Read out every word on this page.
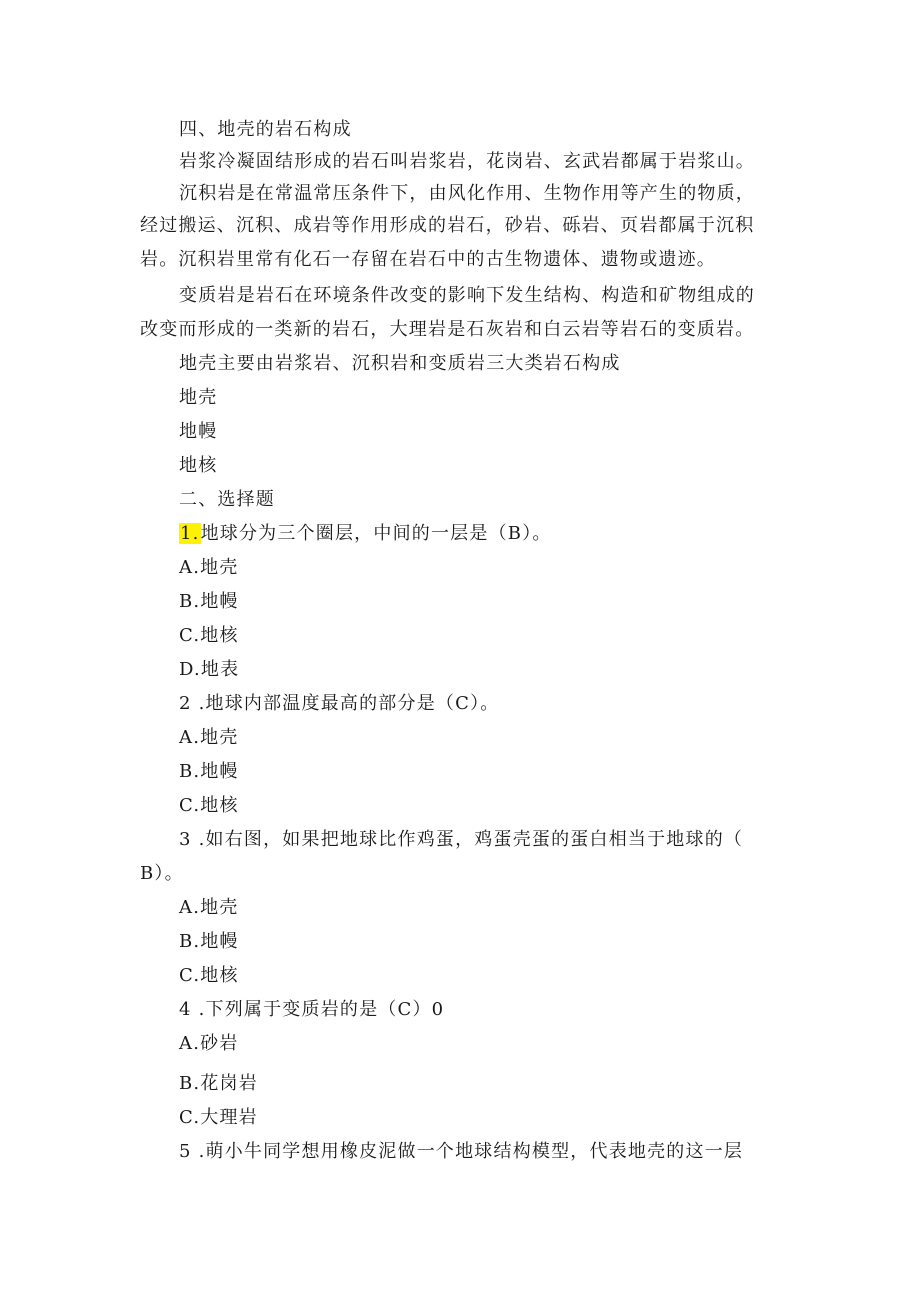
四、地壳的岩石构成
岩浆冷凝固结形成的岩石叫岩浆岩，花岗岩、玄武岩都属于岩浆山。
沉积岩是在常温常压条件下，由风化作用、生物作用等产生的物质，
经过搬运、沉积、成岩等作用形成的岩石，砂岩、砾岩、页岩都属于沉积
岩。沉积岩里常有化石一存留在岩石中的古生物遗体、遗物或遗迹。
变质岩是岩石在环境条件改变的影响下发生结构、构造和矿物组成的
改变而形成的一类新的岩石，大理岩是石灰岩和白云岩等岩石的变质岩。
地壳主要由岩浆岩、沉积岩和变质岩三大类岩石构成
地壳
地幔
地核
二、选择题
1.地球分为三个圈层，中间的一层是（B）。
A.地壳
B.地幔
C.地核
D.地表
2 .地球内部温度最高的部分是（C）。
A.地壳
B.地幔
C.地核
3 .如右图，如果把地球比作鸡蛋，鸡蛋壳蛋的蛋白相当于地球的（
B）。
A.地壳
B.地幔
C.地核
4 .下列属于变质岩的是（C）0
A.砂岩
B.花岗岩
C.大理岩
5 .萌小牛同学想用橡皮泥做一个地球结构模型，代表地壳的这一层
